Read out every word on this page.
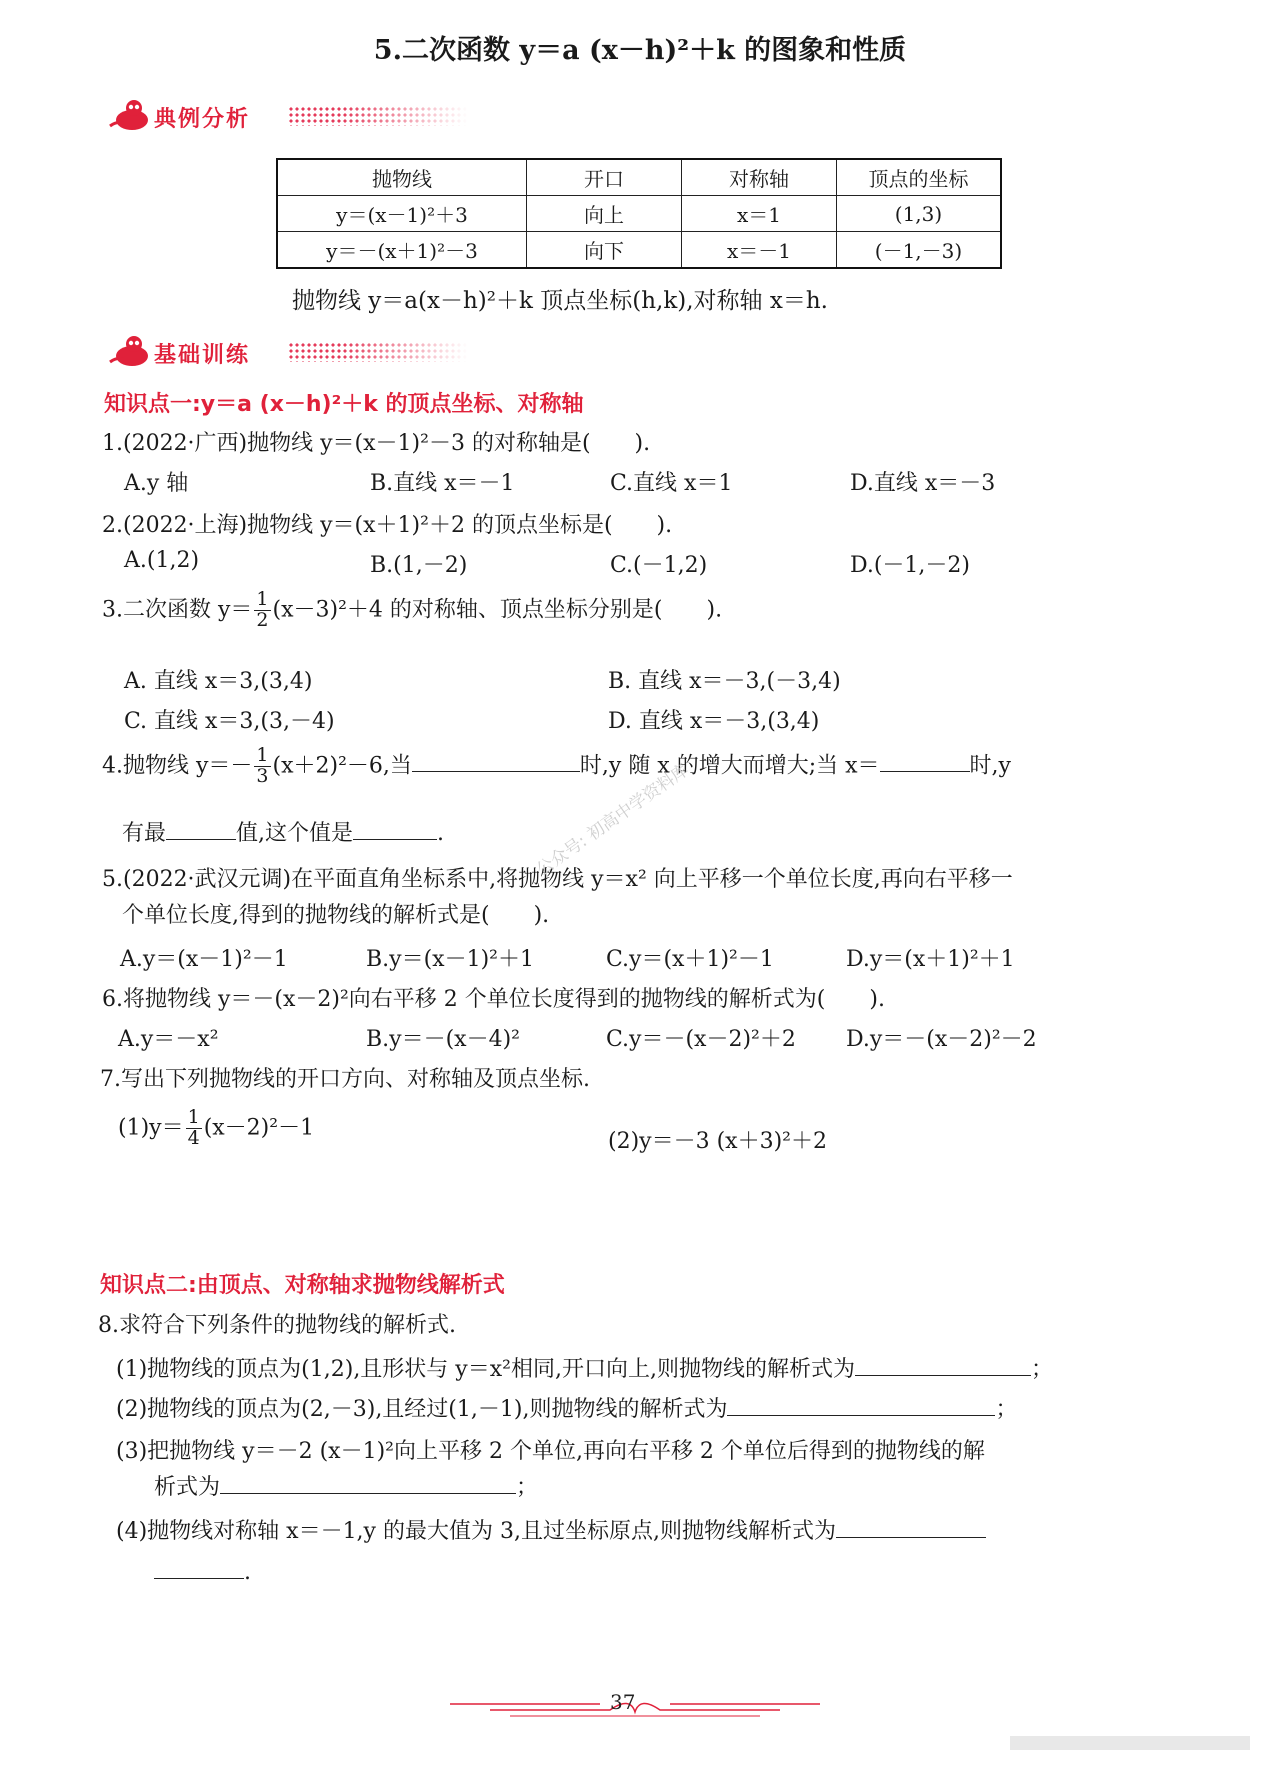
5.二次函数 y＝a (x－h)²＋k 的图象和性质
典例分析
抛物线	开口	对称轴	顶点的坐标
y＝(x－1)²＋3	向上	x＝1	(1,3)
y＝－(x＋1)²－3	向下	x＝－1	(－1,－3)
抛物线 y＝a(x－h)²＋k 顶点坐标(h,k),对称轴 x＝h.
基础训练
知识点一:y＝a (x－h)²＋k 的顶点坐标、对称轴
1.(2022·广西)抛物线 y＝(x－1)²－3 的对称轴是(　　).
A.y 轴	B.直线 x＝－1	C.直线 x＝1	D.直线 x＝－3
2.(2022·上海)抛物线 y＝(x＋1)²＋2 的顶点坐标是(　　).
A.(1,2)	B.(1,－2)	C.(－1,2)	D.(－1,－2)
3.二次函数 $y= \frac{1}{2} (x-3)^2+4$ 的对称轴、顶点坐标分别是(　　).
A. 直线 x＝3,(3,4)	B. 直线 x＝－3,(－3,4)
C. 直线 x＝3,(3,－4)	D. 直线 x＝－3,(3,4)
4.抛物线 $y=- \frac{1}{3} (x+2)^2-6$,当	时,y 随 x 的增大而增大;当 x＝	时,y
有最	值,这个值是	.
5.(2022·武汉元调)在平面直角坐标系中,将抛物线 y＝x² 向上平移一个单位长度,再向右平移一
个单位长度,得到的抛物线的解析式是(　　).
A.y＝(x－1)²－1	B.y＝(x－1)²＋1	C.y＝(x＋1)²－1	D.y＝(x＋1)²＋1
6.将抛物线 y＝－(x－2)²向右平移 2 个单位长度得到的抛物线的解析式为(　　).
A.y＝－x²	B.y＝－(x－4)²	C.y＝－(x－2)²＋2 D.y＝－(x－2)²－2
7.写出下列抛物线的开口方向、对称轴及顶点坐标.
$(1)y= \frac{1}{4} (x-2)^2-1$
(2)y＝－3 (x＋3)²＋2
知识点二:由顶点、对称轴求抛物线解析式
8.求符合下列条件的抛物线的解析式.
(1)抛物线的顶点为(1,2),且形状与 y＝x²相同,开口向上,则抛物线的解析式为	；
(2)抛物线的顶点为(2,－3),且经过(1,－1),则抛物线的解析式为	；
(3)把抛物线 y＝－2 (x－1)²向上平移 2 个单位,再向右平移 2 个单位后得到的抛物线的解
析式为	；
(4)抛物线对称轴 x＝－1,y 的最大值为 3,且过坐标原点,则抛物线解析式为
.
公众号: 初高中学资料库
37
